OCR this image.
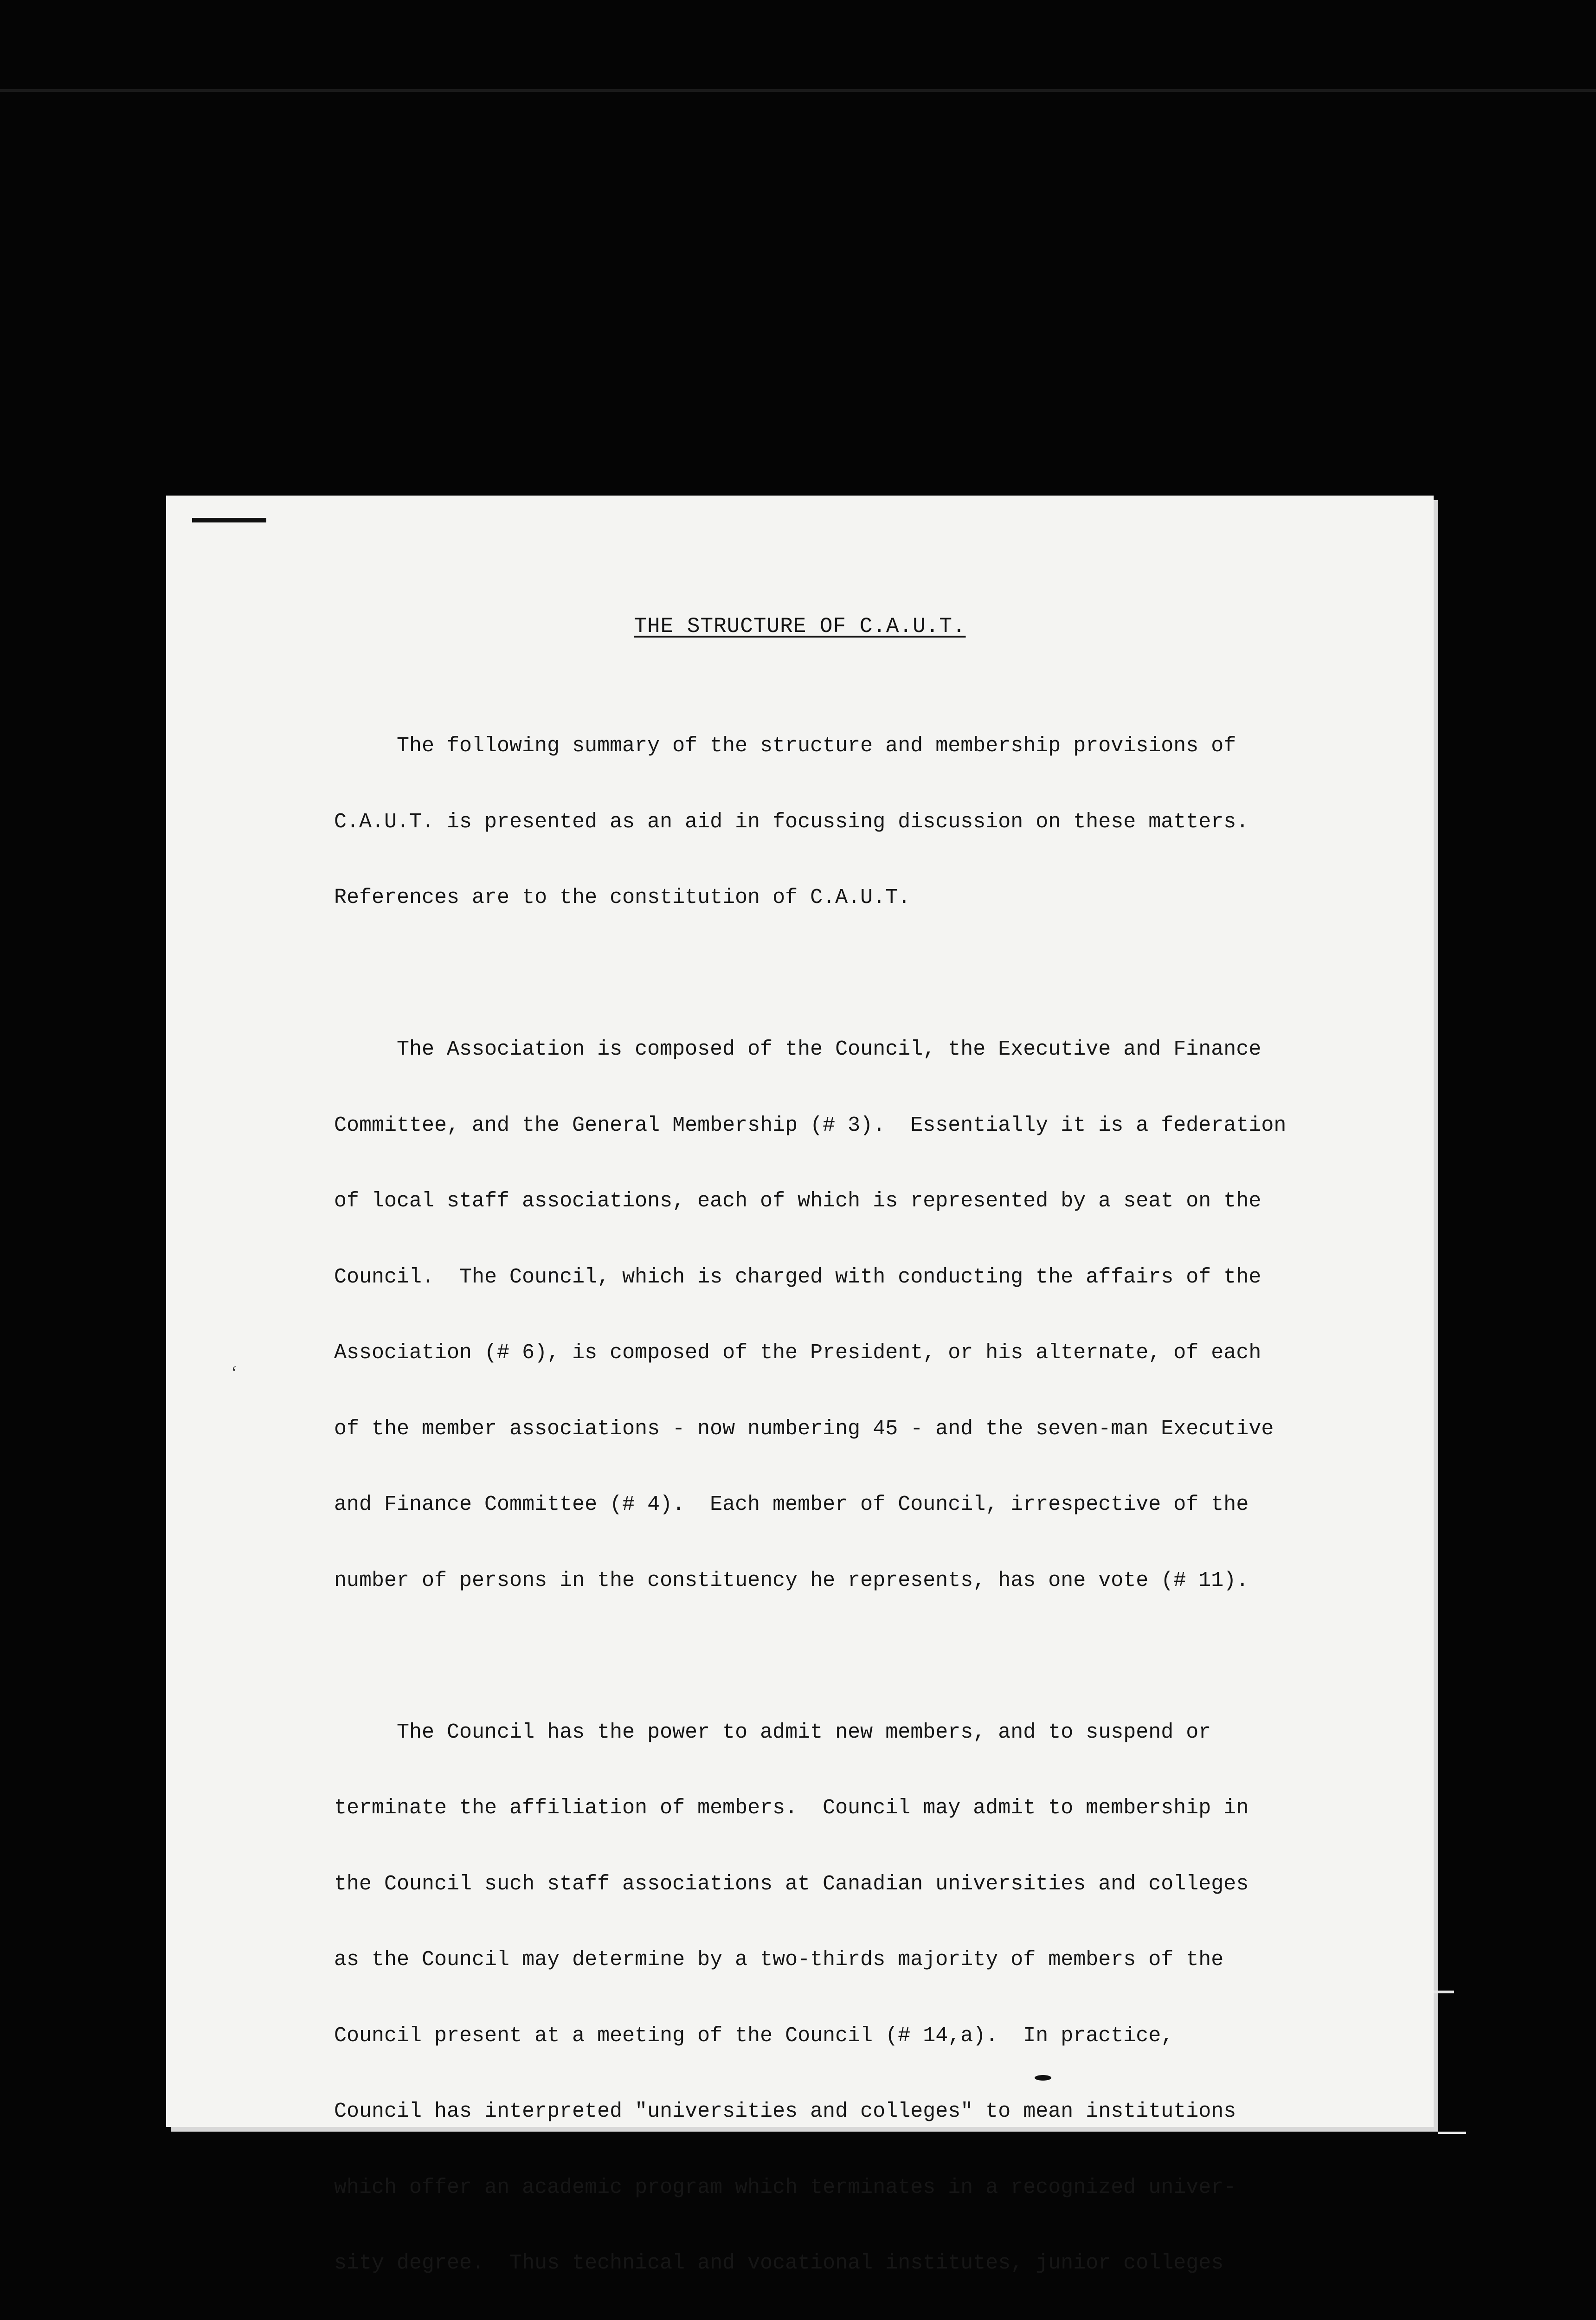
THE STRUCTURE OF C.A.U.T.

The following summary of the structure and membership provisions of

C.A.U.T. is presented as an aid in focussing discussion on these matters.

References are to the constitution of C.A.U.T.

The Association is composed of the Council, the Executive and Finance

Committee, and the General Membership (# 3).  Essentially it is a federation

of local staff associations, each of which is represented by a seat on the

Council.  The Council, which is charged with conducting the affairs of the

Association (# 6), is composed of the President, or his alternate, of each

of the member associations - now numbering 45 - and the seven-man Executive

and Finance Committee (# 4).  Each member of Council, irrespective of the

number of persons in the constituency he represents, has one vote (# 11).

The Council has the power to admit new members, and to suspend or

terminate the affiliation of members.  Council may admit to membership in

the Council such staff associations at Canadian universities and colleges

as the Council may determine by a two-thirds majority of members of the

Council present at a meeting of the Council (# 14,a).  In practice,

Council has interpreted "universities and colleges" to mean institutions

which offer an academic program which terminates in a recognized univer-

sity degree.  Thus technical and vocational institutes, junior colleges

ʻ
